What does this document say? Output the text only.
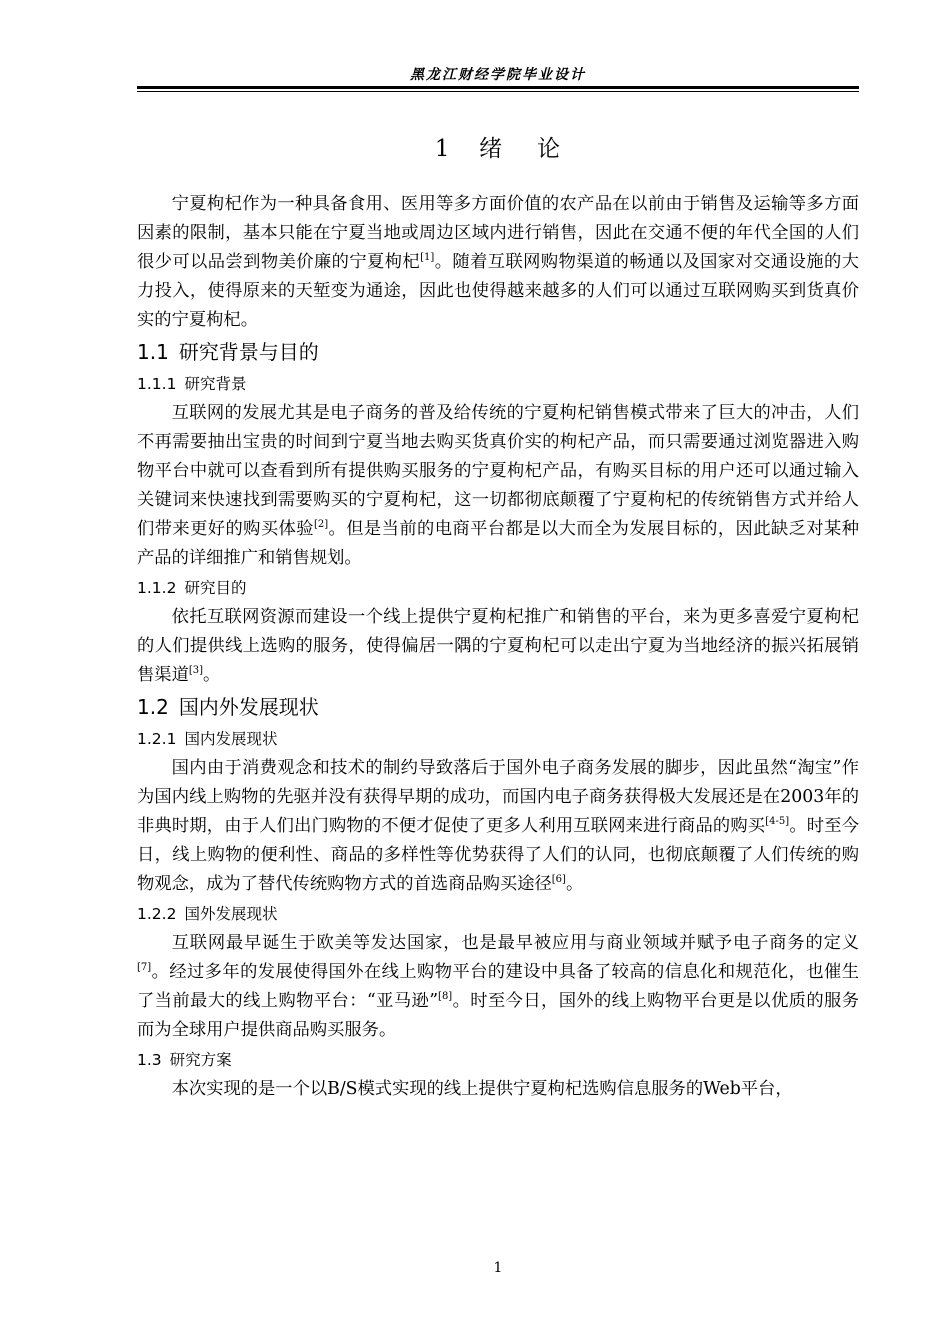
黑龙江财经学院毕业设计
1 绪 论

宁夏枸杞作为一种具备食用、医用等多方面价值的农产品在以前由于销售及运输等多方面因素的限制，基本只能在宁夏当地或周边区域内进行销售，因此在交通不便的年代全国的人们很少可以品尝到物美价廉的宁夏枸杞[1]。随着互联网购物渠道的畅通以及国家对交通设施的大力投入，使得原来的天堑变为通途，因此也使得越来越多的人们可以通过互联网购买到货真价实的宁夏枸杞。

1.1 研究背景与目的
1.1.1 研究背景

互联网的发展尤其是电子商务的普及给传统的宁夏枸杞销售模式带来了巨大的冲击，人们不再需要抽出宝贵的时间到宁夏当地去购买货真价实的枸杞产品，而只需要通过浏览器进入购物平台中就可以查看到所有提供购买服务的宁夏枸杞产品，有购买目标的用户还可以通过输入关键词来快速找到需要购买的宁夏枸杞，这一切都彻底颠覆了宁夏枸杞的传统销售方式并给人们带来更好的购买体验[2]。但是当前的电商平台都是以大而全为发展目标的，因此缺乏对某种产品的详细推广和销售规划。

1.1.2 研究目的

依托互联网资源而建设一个线上提供宁夏枸杞推广和销售的平台，来为更多喜爱宁夏枸杞的人们提供线上选购的服务，使得偏居一隅的宁夏枸杞可以走出宁夏为当地经济的振兴拓展销售渠道[3]。

1.2 国内外发展现状
1.2.1 国内发展现状

国内由于消费观念和技术的制约导致落后于国外电子商务发展的脚步，因此虽然“淘宝”作为国内线上购物的先驱并没有获得早期的成功，而国内电子商务获得极大发展还是在2003年的非典时期，由于人们出门购物的不便才促使了更多人利用互联网来进行商品的购买[4-5]。时至今日，线上购物的便利性、商品的多样性等优势获得了人们的认同，也彻底颠覆了人们传统的购物观念，成为了替代传统购物方式的首选商品购买途径[6]。

1.2.2 国外发展现状

互联网最早诞生于欧美等发达国家，也是最早被应用与商业领域并赋予电子商务的定义[7]。经过多年的发展使得国外在线上购物平台的建设中具备了较高的信息化和规范化，也催生了当前最大的线上购物平台：“亚马逊”[8]。时至今日，国外的线上购物平台更是以优质的服务而为全球用户提供商品购买服务。

1.3 研究方案

本次实现的是一个以B/S模式实现的线上提供宁夏枸杞选购信息服务的Web平台，

1
